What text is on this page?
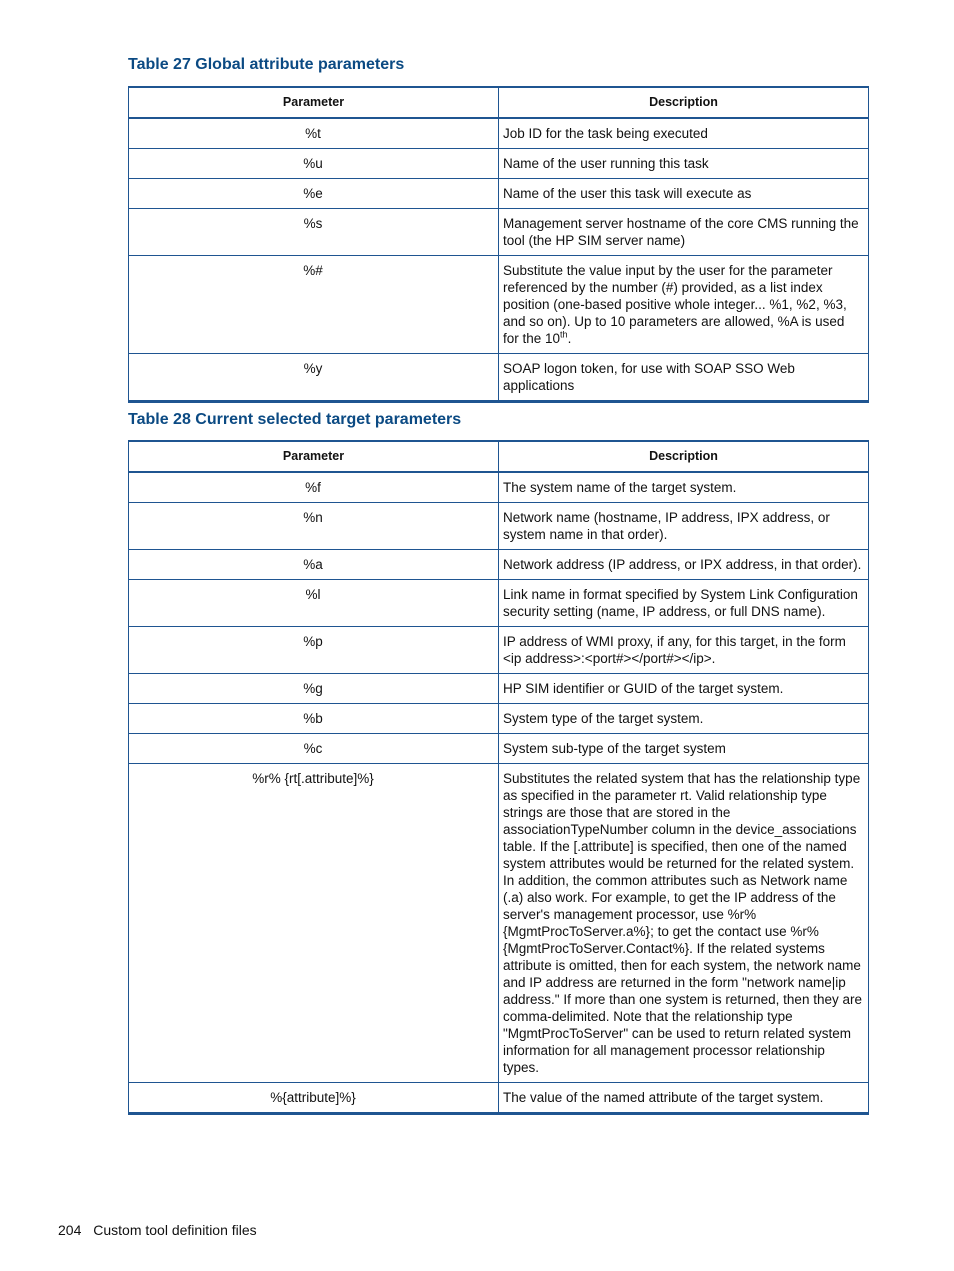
Table 27 Global attribute parameters
Parameter	Description
%t	Job ID for the task being executed
%u	Name of the user running this task
%e	Name of the user this task will execute as
%s	Management server hostname of the core CMS running the tool (the HP SIM server name)
%#	Substitute the value input by the user for the parameter referenced by the number (#) provided, as a list index position (one-based positive whole integer... %1, %2, %3, and so on). Up to 10 parameters are allowed, %A is used for the 10th.
%y	SOAP logon token, for use with SOAP SSO Web applications
Table 28 Current selected target parameters
Parameter	Description
%f	The system name of the target system.
%n	Network name (hostname, IP address, IPX address, or system name in that order).
%a	Network address (IP address, or IPX address, in that order).
%l	Link name in format specified by System Link Configuration security setting (name, IP address, or full DNS name).
%p	IP address of WMI proxy, if any, for this target, in the form <ip address>:<port#></port#></ip>.
%g	HP SIM identifier or GUID of the target system.
%b	System type of the target system.
%c	System sub-type of the target system
%r% {rt[.attribute]%}	Substitutes the related system that has the relationship type as specified in the parameter rt. Valid relationship type strings are those that are stored in the associationTypeNumber column in the device_associations table. If the [.attribute] is specified, then one of the named system attributes would be returned for the related system. In addition, the common attributes such as Network name (.a) also work. For example, to get the IP address of the server's management processor, use %r%{MgmtProcToServer.a%}; to get the contact use %r%{MgmtProcToServer.Contact%}. If the related systems attribute is omitted, then for each system, the network name and IP address are returned in the form "network name|ip address." If more than one system is returned, then they are comma-delimited. Note that the relationship type "MgmtProcToServer" can be used to return related system information for all management processor relationship types.
%{attribute]%}	The value of the named attribute of the target system.
204 Custom tool definition files
